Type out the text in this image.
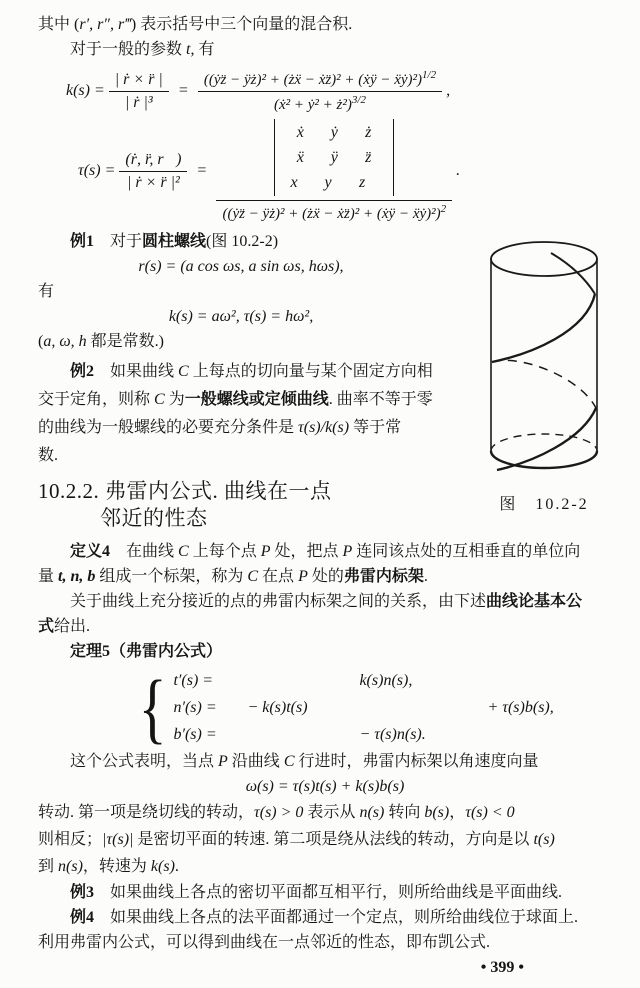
其中 (r′, r″, r‴) 表示括号中三个向量的混合积.
对于一般的参数 t, 有
$k(s) = \frac{\text{| ṙ × r̈ |}}{\text{| ṙ |³}} = \frac{((ẏz̈ - ÿż)^2 + (żẍ - ẋz̈)^2 + (ẋÿ - ẍẏ)^2)^{1/2}}{(ẋ^2 + ẏ^2 + ż^2)^{3/2}}$ ,
$\tau(s) = \frac{\text{(ṙ, r̈, r⃛)}}{\text{| ṙ × r̈ |²}}$ = ẋ	ẏ	ż
ẍ	ÿ	z̈
x⃛ y⃛ z⃛
((ẏz̈ − ÿż)² + (żẍ − ẋz̈)² + (ẋÿ − ẍẏ)²)$^2$ .
例1　对于圆柱螺线(图 10.2-2)
r(s) = (a cos ωs, a sin ωs, hωs),
有
k(s) = aω², τ(s) = hω²,
(a, ω, h 都是常数.)
例2　如果曲线 C 上每点的切向量与某个固定方向相
交于定角，则称 C 为一般螺线或定倾曲线. 曲率不等于零
的曲线为一般螺线的必要充分条件是 τ(s)/k(s) 等于常
数.
10.2.2. 弗雷内公式. 曲线在一点
邻近的性态
定义4　在曲线 C 上每个点 P 处，把点 P 连同该点处的互相垂直的单位向
量 t, n, b 组成一个标架，称为 C 在点 P 处的弗雷内标架.
关于曲线上充分接近的点的弗雷内标架之间的关系，由下述曲线论基本公
式给出.
定理5（弗雷内公式）
{ t′(s) =	k(s)n(s),
n′(s) =	− k(s)t(s)	+ τ(s)b(s),
b′(s) =	− τ(s)n(s).
这个公式表明，当点 P 沿曲线 C 行进时，弗雷内标架以角速度向量
ω(s) = τ(s)t(s) + k(s)b(s)
转动. 第一项是绕切线的转动，τ(s) > 0 表示从 n(s) 转向 b(s)，τ(s) < 0
则相反；|τ(s)| 是密切平面的转速. 第二项是绕从法线的转动，方向是以 t(s)
到 n(s)，转速为 k(s).
例3　如果曲线上各点的密切平面都互相平行，则所给曲线是平面曲线.
例4　如果曲线上各点的法平面都通过一个定点，则所给曲线位于球面上.
利用弗雷内公式，可以得到曲线在一点邻近的性态，即布凯公式.
• 399 •
图　10.2-2
